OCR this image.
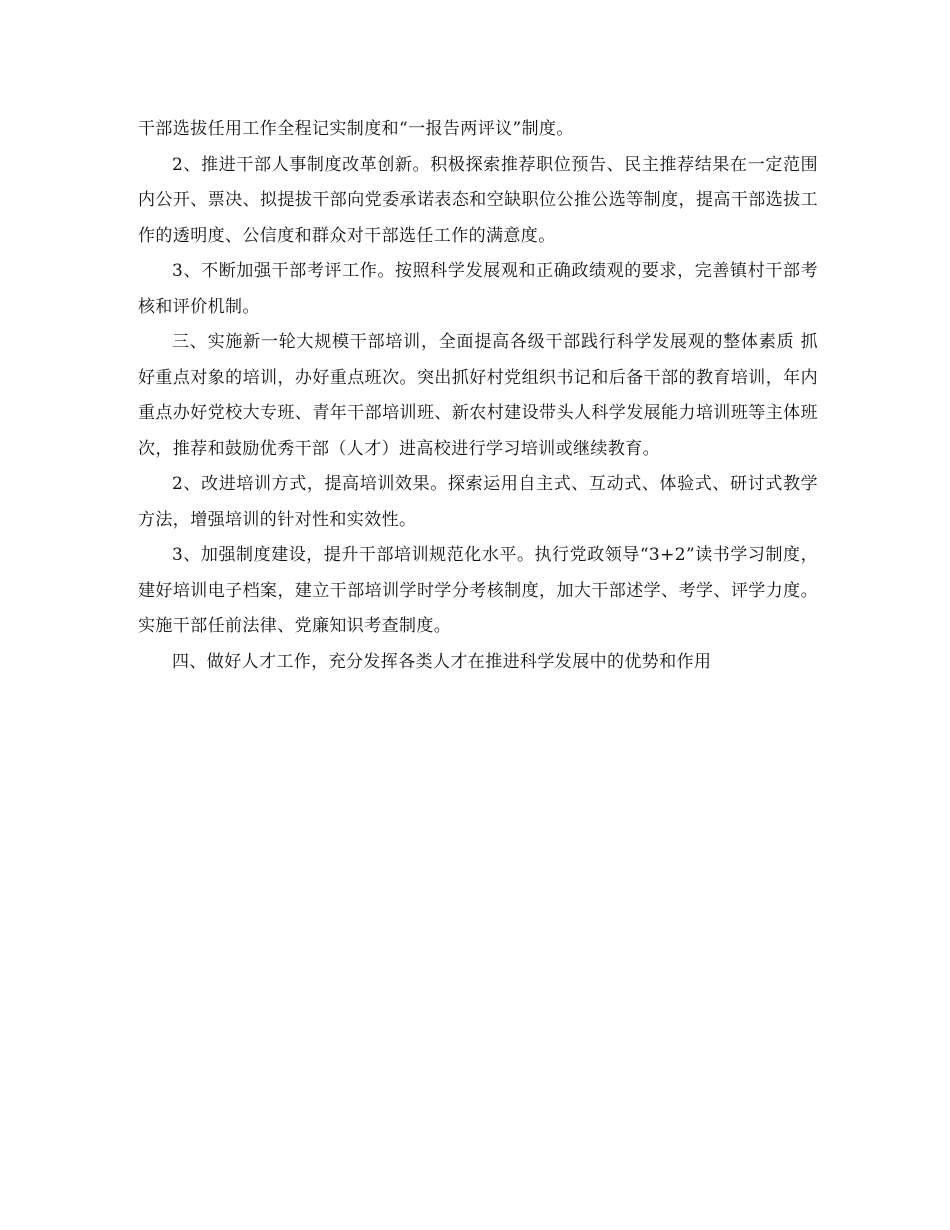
干部选拔任用工作全程记实制度和“一报告两评议”制度。

2、推进干部人事制度改革创新。积极探索推荐职位预告、民主推荐结果在一定范围内公开、票决、拟提拔干部向党委承诺表态和空缺职位公推公选等制度，提高干部选拔工作的透明度、公信度和群众对干部选任工作的满意度。

3、不断加强干部考评工作。按照科学发展观和正确政绩观的要求，完善镇村干部考核和评价机制。

三、实施新一轮大规模干部培训，全面提高各级干部践行科学发展观的整体素质 抓好重点对象的培训，办好重点班次。突出抓好村党组织书记和后备干部的教育培训，年内重点办好党校大专班、青年干部培训班、新农村建设带头人科学发展能力培训班等主体班次，推荐和鼓励优秀干部（人才）进高校进行学习培训或继续教育。

2、改进培训方式，提高培训效果。探索运用自主式、互动式、体验式、研讨式教学方法，增强培训的针对性和实效性。

3、加强制度建设，提升干部培训规范化水平。执行党政领导“3+2”读书学习制度，建好培训电子档案，建立干部培训学时学分考核制度，加大干部述学、考学、评学力度。实施干部任前法律、党廉知识考查制度。

四、做好人才工作，充分发挥各类人才在推进科学发展中的优势和作用
